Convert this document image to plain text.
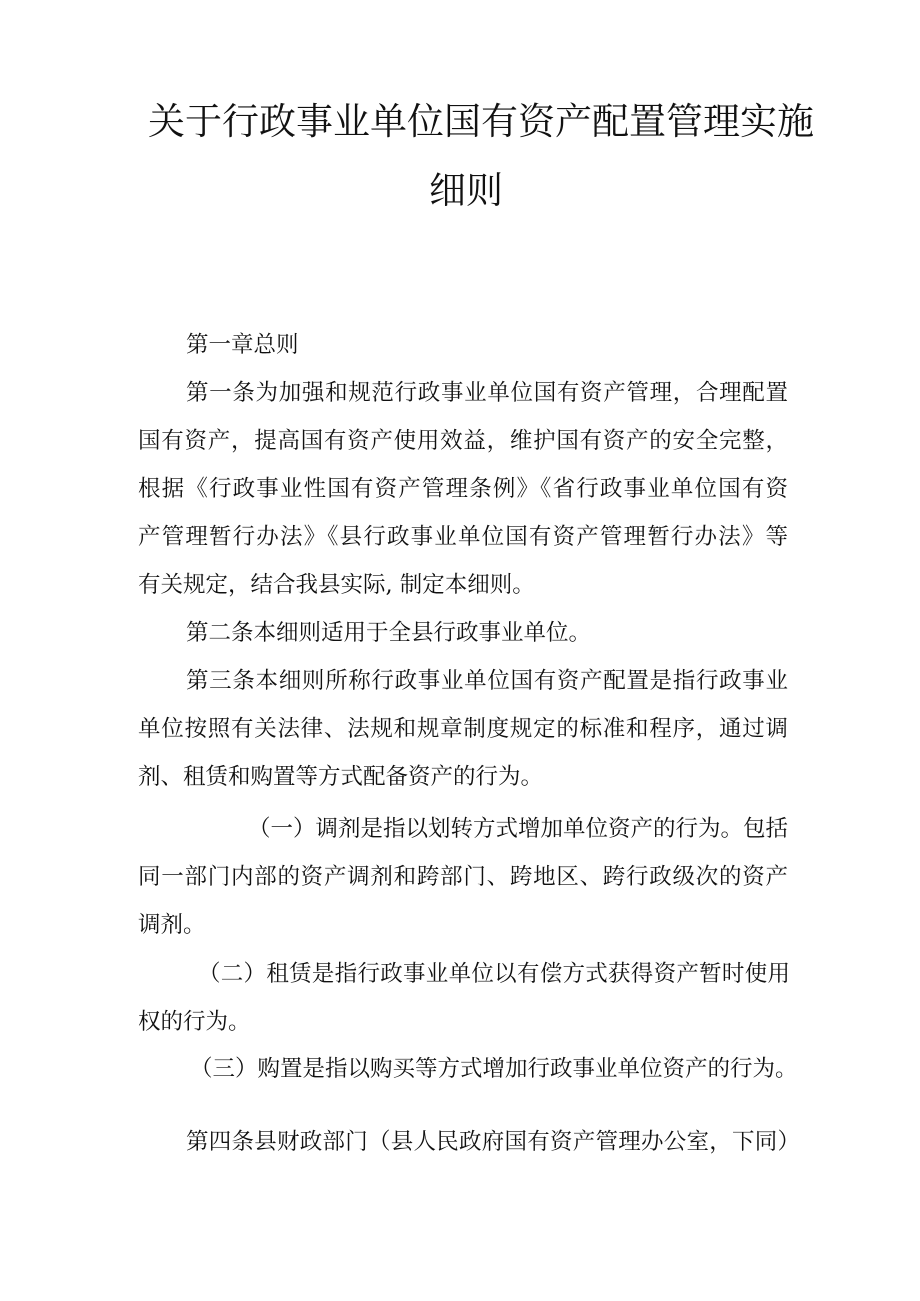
关于行政事业单位国有资产配置管理实施
细则
第一章总则
第一条为加强和规范行政事业单位国有资产管理，合理配置
国有资产，提高国有资产使用效益，维护国有资产的安全完整，
根据《行政事业性国有资产管理条例》《省行政事业单位国有资
产管理暂行办法》《县行政事业单位国有资产管理暂行办法》等
有关规定，结合我县实际, 制定本细则。
第二条本细则适用于全县行政事业单位。
第三条本细则所称行政事业单位国有资产配置是指行政事业
单位按照有关法律、法规和规章制度规定的标准和程序，通过调
剂、租赁和购置等方式配备资产的行为。
（一）调剂是指以划转方式增加单位资产的行为。包括
同一部门内部的资产调剂和跨部门、跨地区、跨行政级次的资产
调剂。
（二）租赁是指行政事业单位以有偿方式获得资产暂时使用
权的行为。
（三）购置是指以购买等方式增加行政事业单位资产的行为。
第四条县财政部门（县人民政府国有资产管理办公室，下同）
